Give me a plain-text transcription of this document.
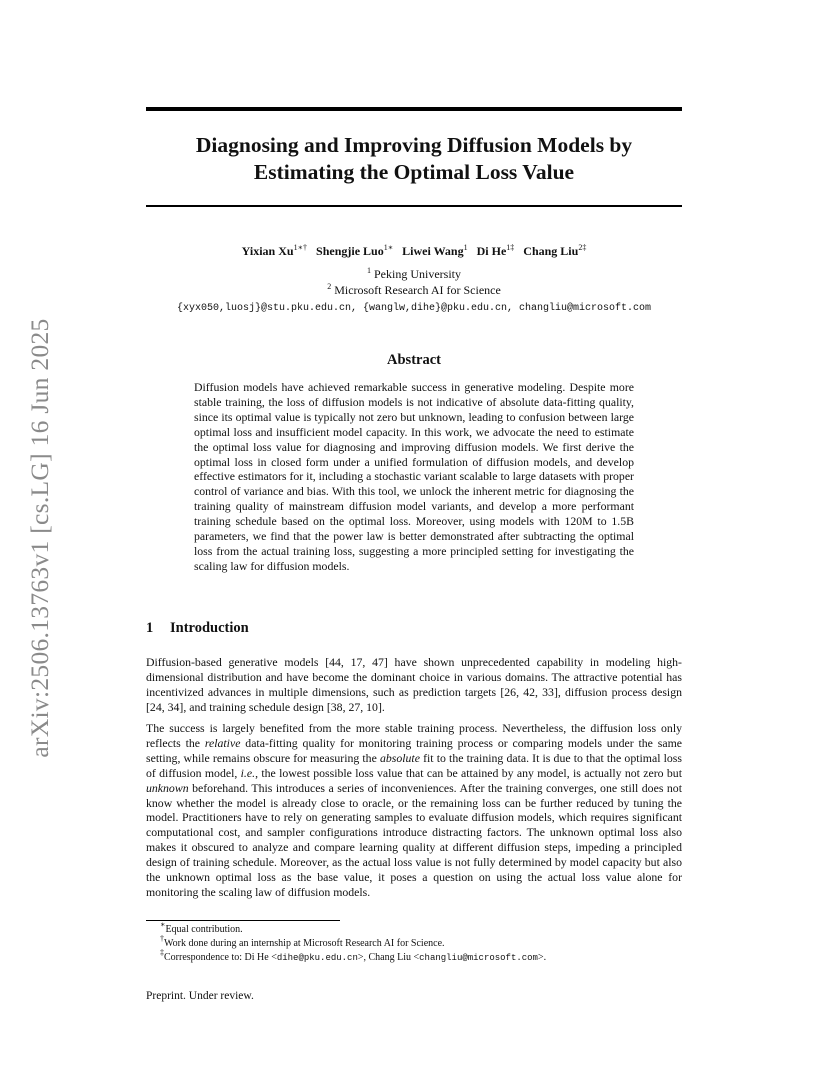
arXiv:2506.13763v1 [cs.LG] 16 Jun 2025
Diagnosing and Improving Diffusion Models by
Estimating the Optimal Loss Value
Yixian $Xu^{1∗\dagger}$ Shengjie Luo$^{1∗}$ Liwei Wang$^1$ Di $He^{1\ddagger}$ Chang Liu$^{2\ddagger}$
$^1$ Peking University
$^2$ Microsoft Research AI for Science
{xyx050,luosj}@stu.pku.edu.cn, {wanglw,dihe}@pku.edu.cn, changliu@microsoft.com
Abstract
Diffusion models have achieved remarkable success in generative modeling. Despite more stable training, the loss of diffusion models is not indicative of absolute data-fitting quality, since its optimal value is typically not zero but unknown, leading to confusion between large optimal loss and insufficient model capacity. In this work, we advocate the need to estimate the optimal loss value for diagnosing and improving diffusion models. We first derive the optimal loss in closed form under a unified formulation of diffusion models, and develop effective estimators for it, including a stochastic variant scalable to large datasets with proper control of variance and bias. With this tool, we unlock the inherent metric for diagnosing the training quality of mainstream diffusion model variants, and develop a more performant training schedule based on the optimal loss. Moreover, using models with 120M to 1.5B parameters, we find that the power law is better demonstrated after subtracting the optimal loss from the actual training loss, suggesting a more principled setting for investigating the scaling law for diffusion models.
1 Introduction

Diffusion-based generative models [44, 17, 47] have shown unprecedented capability in modeling high-dimensional distribution and have become the dominant choice in various domains. The attractive potential has incentivized advances in multiple dimensions, such as prediction targets [26, 42, 33], diffusion process design [24, 34], and training schedule design [38, 27, 10].

The success is largely benefited from the more stable training process. Nevertheless, the diffusion loss only reflects the relative data-fitting quality for monitoring training process or comparing models under the same setting, while remains obscure for measuring the absolute fit to the training data. It is due to that the optimal loss of diffusion model, i.e., the lowest possible loss value that can be attained by any model, is actually not zero but unknown beforehand. This introduces a series of inconveniences. After the training converges, one still does not know whether the model is already close to oracle, or the remaining loss can be further reduced by tuning the model. Practitioners have to rely on generating samples to evaluate diffusion models, which requires significant computational cost, and sampler configurations introduce distracting factors. The unknown optimal loss also makes it obscured to analyze and compare learning quality at different diffusion steps, impeding a principled design of training schedule. Moreover, as the actual loss value is not fully determined by model capacity but also the unknown optimal loss as the base value, it poses a question on using the actual loss value alone for monitoring the scaling law of diffusion models.

∗Equal contribution.
†Work done during an internship at Microsoft Research AI for Science.
‡Correspondence to: Di He <dihe@pku.edu.cn>, Chang Liu <changliu@microsoft.com>.
Preprint. Under review.
